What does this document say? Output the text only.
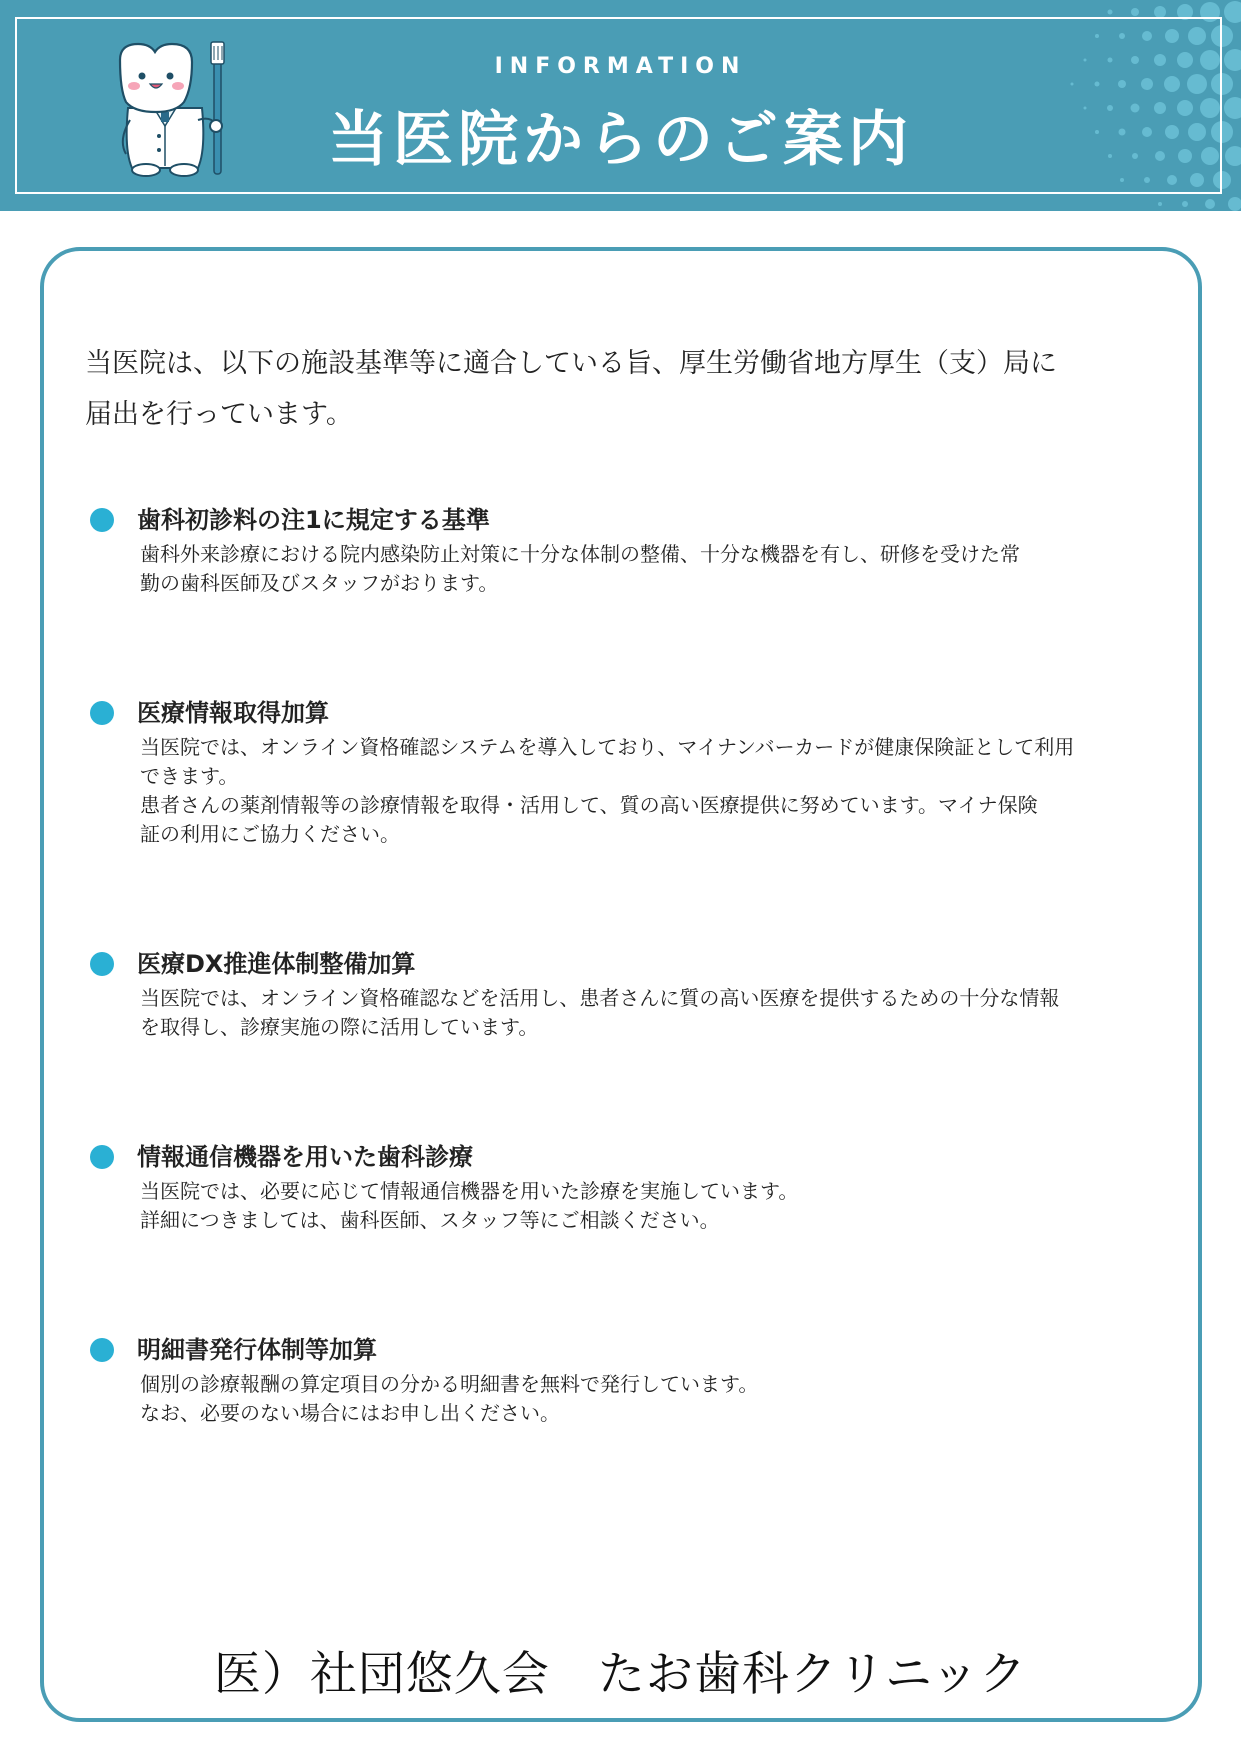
INFORMATION
当医院からのご案内
当医院は、以下の施設基準等に適合している旨、厚生労働省地方厚生（支）局に
届出を行っています。
歯科初診料の注1に規定する基準

歯科外来診療における院内感染防止対策に十分な体制の整備、十分な機器を有し、研修を受けた常

勤の歯科医師及びスタッフがおります。

医療情報取得加算

当医院では、オンライン資格確認システムを導入しており、マイナンバーカードが健康保険証として利用

できます。

患者さんの薬剤情報等の診療情報を取得・活用して、質の高い医療提供に努めています。マイナ保険

証の利用にご協力ください。

医療DX推進体制整備加算

当医院では、オンライン資格確認などを活用し、患者さんに質の高い医療を提供するための十分な情報

を取得し、診療実施の際に活用しています。

情報通信機器を用いた歯科診療

当医院では、必要に応じて情報通信機器を用いた診療を実施しています。

詳細につきましては、歯科医師、スタッフ等にご相談ください。

明細書発行体制等加算

個別の診療報酬の算定項目の分かる明細書を無料で発行しています。

なお、必要のない場合にはお申し出ください。

医）社団悠久会　たお歯科クリニック
